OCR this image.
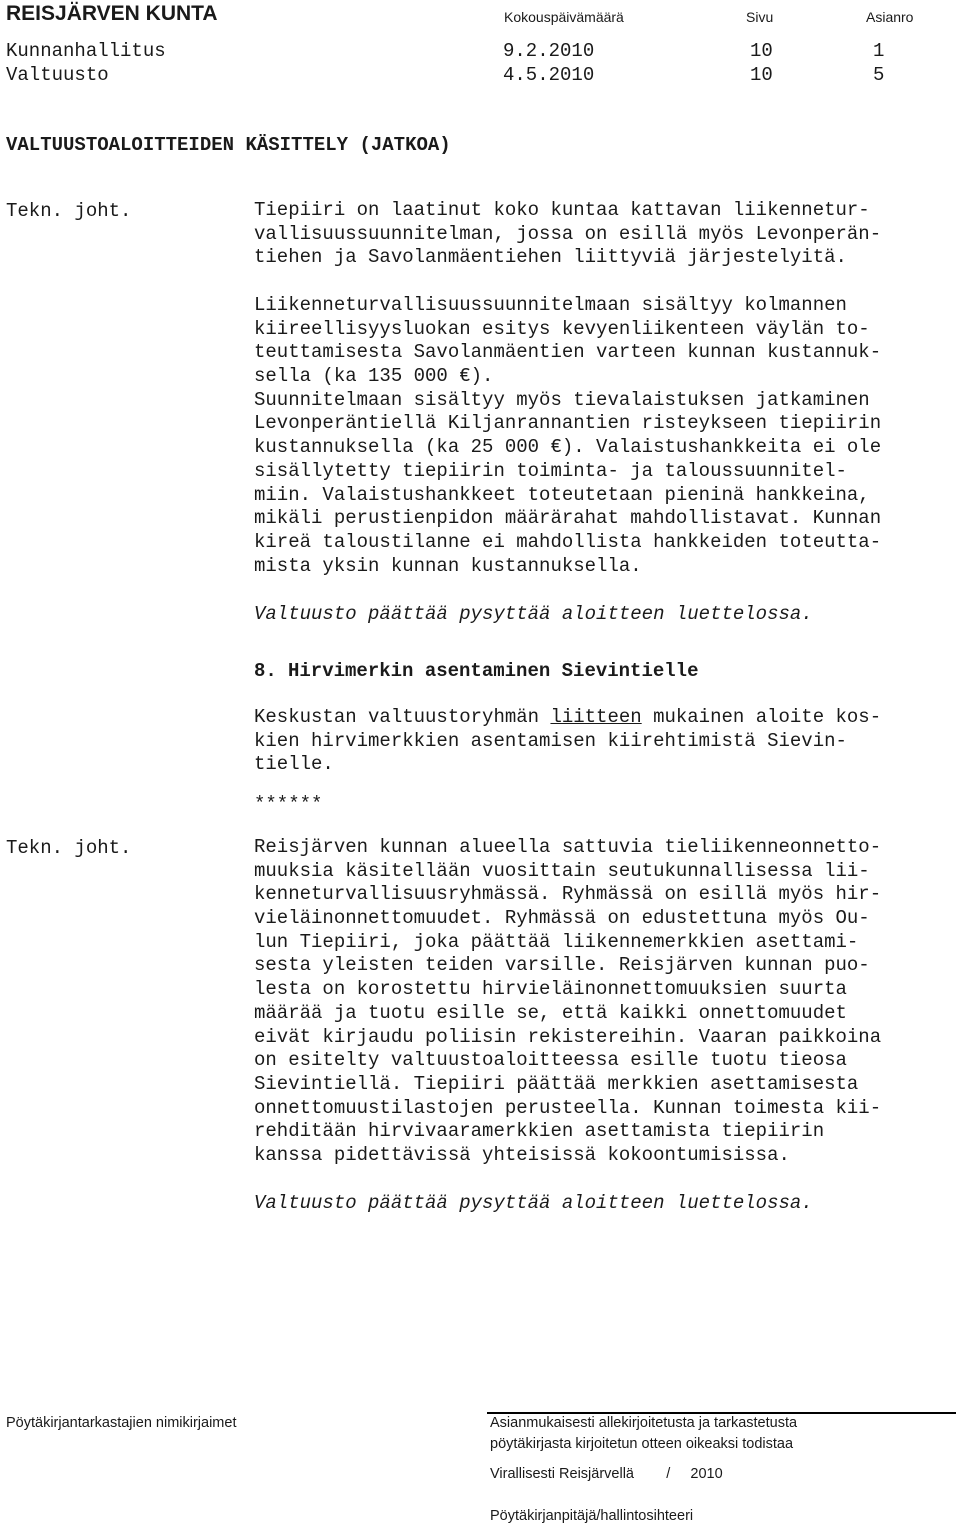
REISJÄRVEN KUNTA	Kokouspäivämäärä	Sivu	Asianro
Kunnanhallitus	9.2.2010	10	1
Valtuusto	4.5.2010	10	5
VALTUUSTOALOITTEIDEN KÄSITTELY (JATKOA)
Tekn. joht.	Tiepiiri on laatinut koko kuntaa kattavan liikennetur-
vallisuussuunnitelman, jossa on esillä myös Levonperän-
tiehen ja Savolanmäentiehen liittyviä järjestelyitä.
Liikenneturvallisuussuunnitelmaan sisältyy kolmannen
kiireellisyysluokan esitys kevyenliikenteen väylän to-
teuttamisesta Savolanmäentien varteen kunnan kustannuk-
sella (ka 135 000 €).
Suunnitelmaan sisältyy myös tievalaistuksen jatkaminen
Levonperäntiellä Kiljanrannantien risteykseen tiepiirin
kustannuksella (ka 25 000 €). Valaistushankkeita ei ole
sisällytetty tiepiirin toiminta- ja taloussuunnitel-
miin. Valaistushankkeet toteutetaan pieninä hankkeina,
mikäli perustienpidon määrärahat mahdollistavat. Kunnan
kireä taloustilanne ei mahdollista hankkeiden toteutta-
mista yksin kunnan kustannuksella.
Valtuusto päättää pysyttää aloitteen luettelossa.
8. Hirvimerkin asentaminen Sievintielle
Keskustan valtuustoryhmän liitteen mukainen aloite kos-
kien hirvimerkkien asentamisen kiirehtimistä Sievin-
tielle.
******
Tekn. joht.	Reisjärven kunnan alueella sattuvia tieliikenneonnetto-
muuksia käsitellään vuosittain seutukunnallisessa lii-
kenneturvallisuusryhmässä. Ryhmässä on esillä myös hir-
vieläinonnettomuudet. Ryhmässä on edustettuna myös Ou-
lun Tiepiiri, joka päättää liikennemerkkien asettami-
sesta yleisten teiden varsille. Reisjärven kunnan puo-
lesta on korostettu hirvieläinonnettomuuksien suurta
määrää ja tuotu esille se, että kaikki onnettomuudet
eivät kirjaudu poliisin rekistereihin. Vaaran paikkoina
on esitelty valtuustoaloitteessa esille tuotu tieosa
Sievintiellä. Tiepiiri päättää merkkien asettamisesta
onnettomuustilastojen perusteella. Kunnan toimesta kii-
rehditään hirvivaaramerkkien asettamista tiepiirin
kanssa pidettävissä yhteisissä kokoontumisissa.
Valtuusto päättää pysyttää aloitteen luettelossa.
Pöytäkirjantarkastajien nimikirjaimet	Asianmukaisesti allekirjoitetusta ja tarkastetusta
pöytäkirjasta kirjoitetun otteen oikeaksi todistaa
Virallisesti Reisjärvellä        /     2010
Pöytäkirjanpitäjä/hallintosihteeri
